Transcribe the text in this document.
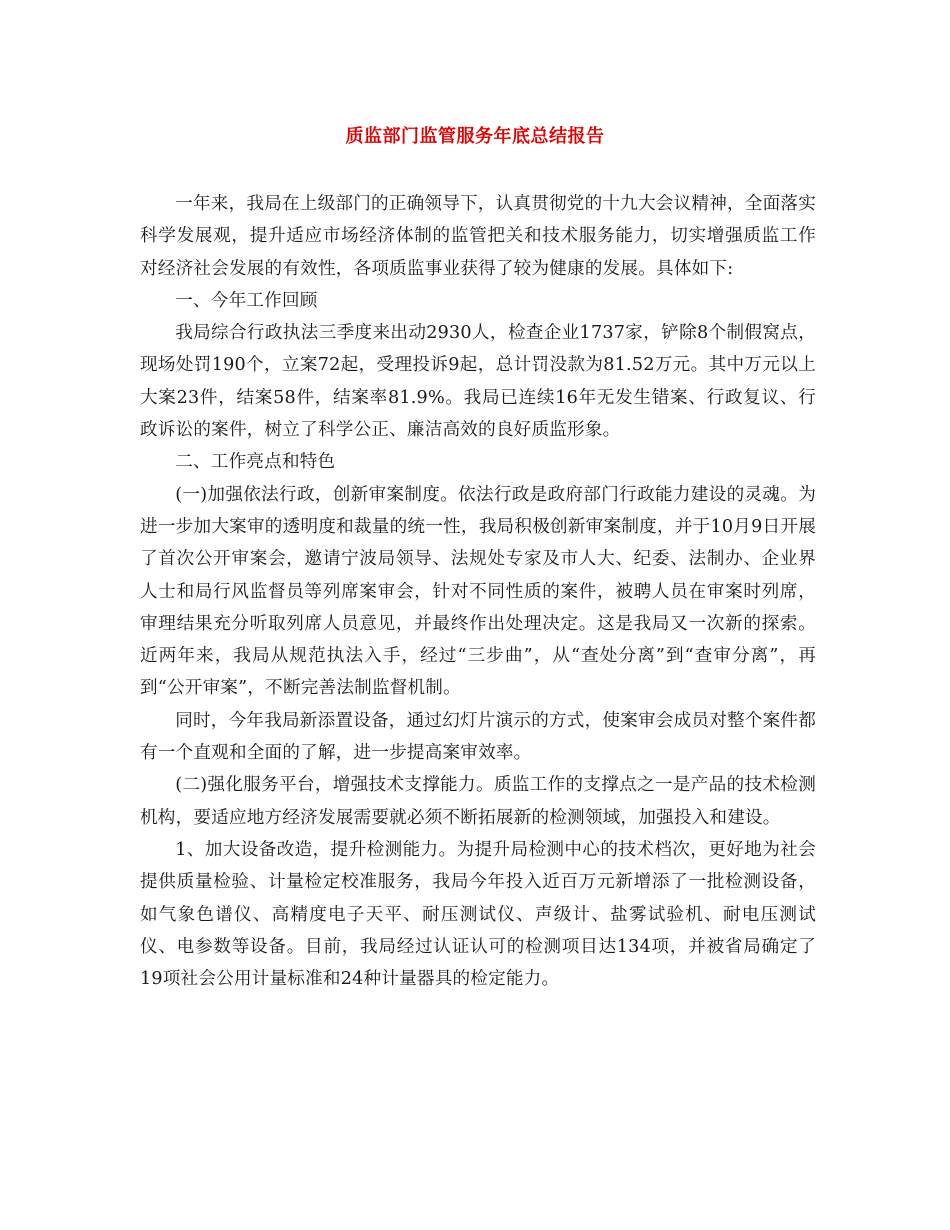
质监部门监管服务年底总结报告

一年来，我局在上级部门的正确领导下，认真贯彻党的十九大会议精神，全面落实科学发展观，提升适应市场经济体制的监管把关和技术服务能力，切实增强质监工作对经济社会发展的有效性，各项质监事业获得了较为健康的发展。具体如下:

一、今年工作回顾

我局综合行政执法三季度来出动2930人，检查企业1737家，铲除8个制假窝点，现场处罚190个，立案72起，受理投诉9起，总计罚没款为81.52万元。其中万元以上大案23件，结案58件，结案率81.9%。我局已连续16年无发生错案、行政复议、行政诉讼的案件，树立了科学公正、廉洁高效的良好质监形象。

二、工作亮点和特色

(一)加强依法行政，创新审案制度。依法行政是政府部门行政能力建设的灵魂。为进一步加大案审的透明度和裁量的统一性，我局积极创新审案制度，并于10月9日开展了首次公开审案会，邀请宁波局领导、法规处专家及市人大、纪委、法制办、企业界人士和局行风监督员等列席案审会，针对不同性质的案件，被聘人员在审案时列席，审理结果充分听取列席人员意见，并最终作出处理决定。这是我局又一次新的探索。近两年来，我局从规范执法入手，经过“三步曲”，从“查处分离”到“查审分离”，再到“公开审案”，不断完善法制监督机制。

同时，今年我局新添置设备，通过幻灯片演示的方式，使案审会成员对整个案件都有一个直观和全面的了解，进一步提高案审效率。

(二)强化服务平台，增强技术支撑能力。质监工作的支撑点之一是产品的技术检测机构，要适应地方经济发展需要就必须不断拓展新的检测领域，加强投入和建设。

1、加大设备改造，提升检测能力。为提升局检测中心的技术档次，更好地为社会提供质量检验、计量检定校准服务，我局今年投入近百万元新增添了一批检测设备，如气象色谱仪、高精度电子天平、耐压测试仪、声级计、盐雾试验机、耐电压测试仪、电参数等设备。目前，我局经过认证认可的检测项目达134项，并被省局确定了19项社会公用计量标准和24种计量器具的检定能力。
